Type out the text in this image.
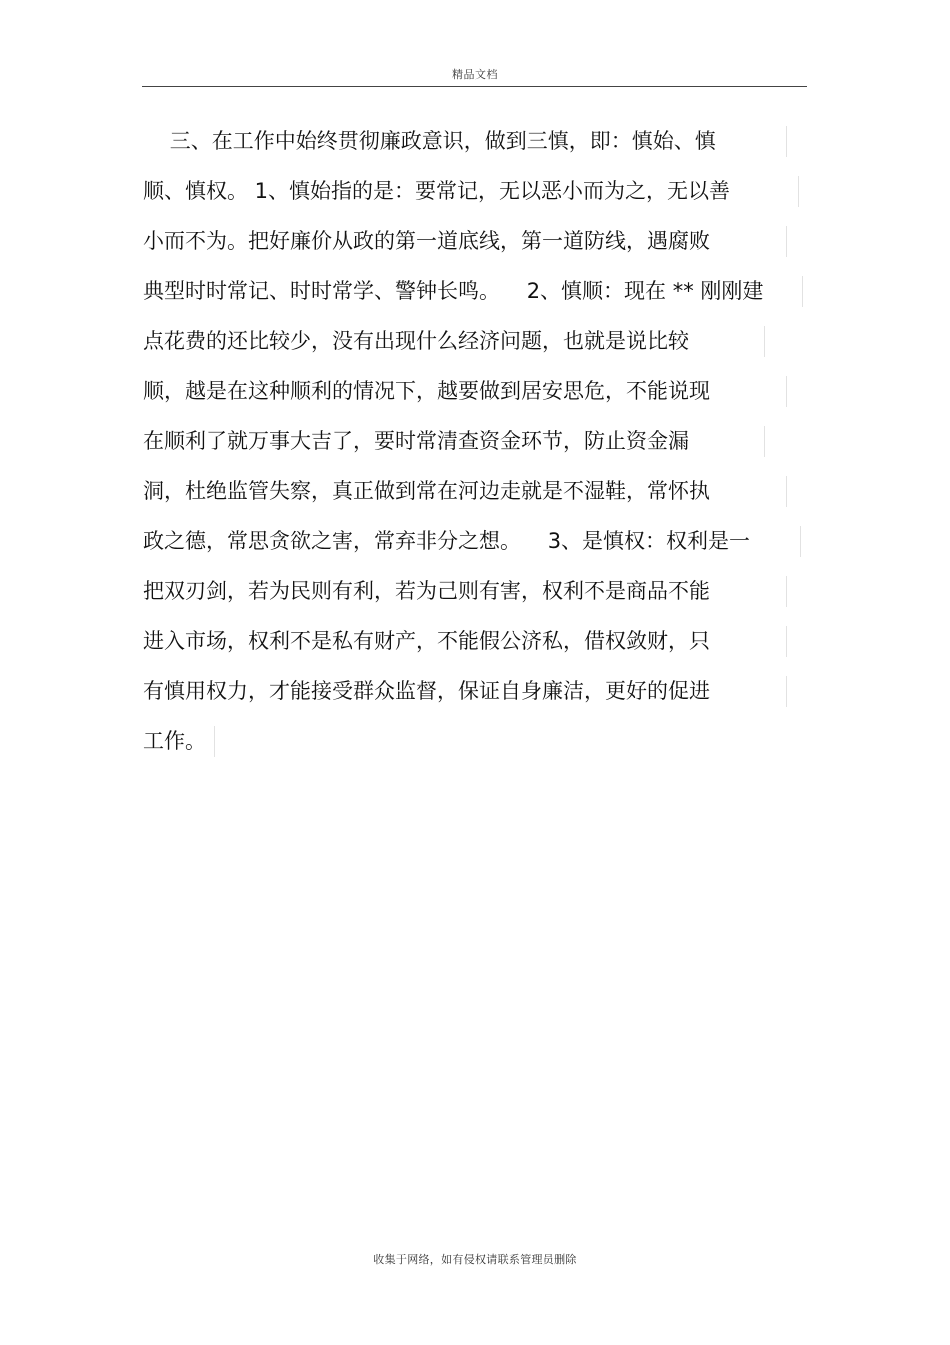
精品文档
三、在工作中始终贯彻廉政意识，做到三慎，即：慎始、慎
顺、慎权。 1、慎始指的是：要常记，无以恶小而为之，无以善
小而不为。把好廉价从政的第一道底线，第一道防线，遇腐败
典型时时常记、时时常学、警钟长鸣。    2、慎顺：现在 ** 刚刚建
点花费的还比较少，没有出现什么经济问题，也就是说比较
顺，越是在这种顺利的情况下，越要做到居安思危，不能说现
在顺利了就万事大吉了，要时常清查资金环节，防止资金漏
洞，杜绝监管失察，真正做到常在河边走就是不湿鞋，常怀执
政之德，常思贪欲之害，常弃非分之想。    3、是慎权：权利是一
把双刃剑，若为民则有利，若为己则有害，权利不是商品不能
进入市场，权利不是私有财产，不能假公济私，借权敛财，只
有慎用权力，才能接受群众监督，保证自身廉洁，更好的促进
工作。
收集于网络，如有侵权请联系管理员删除
